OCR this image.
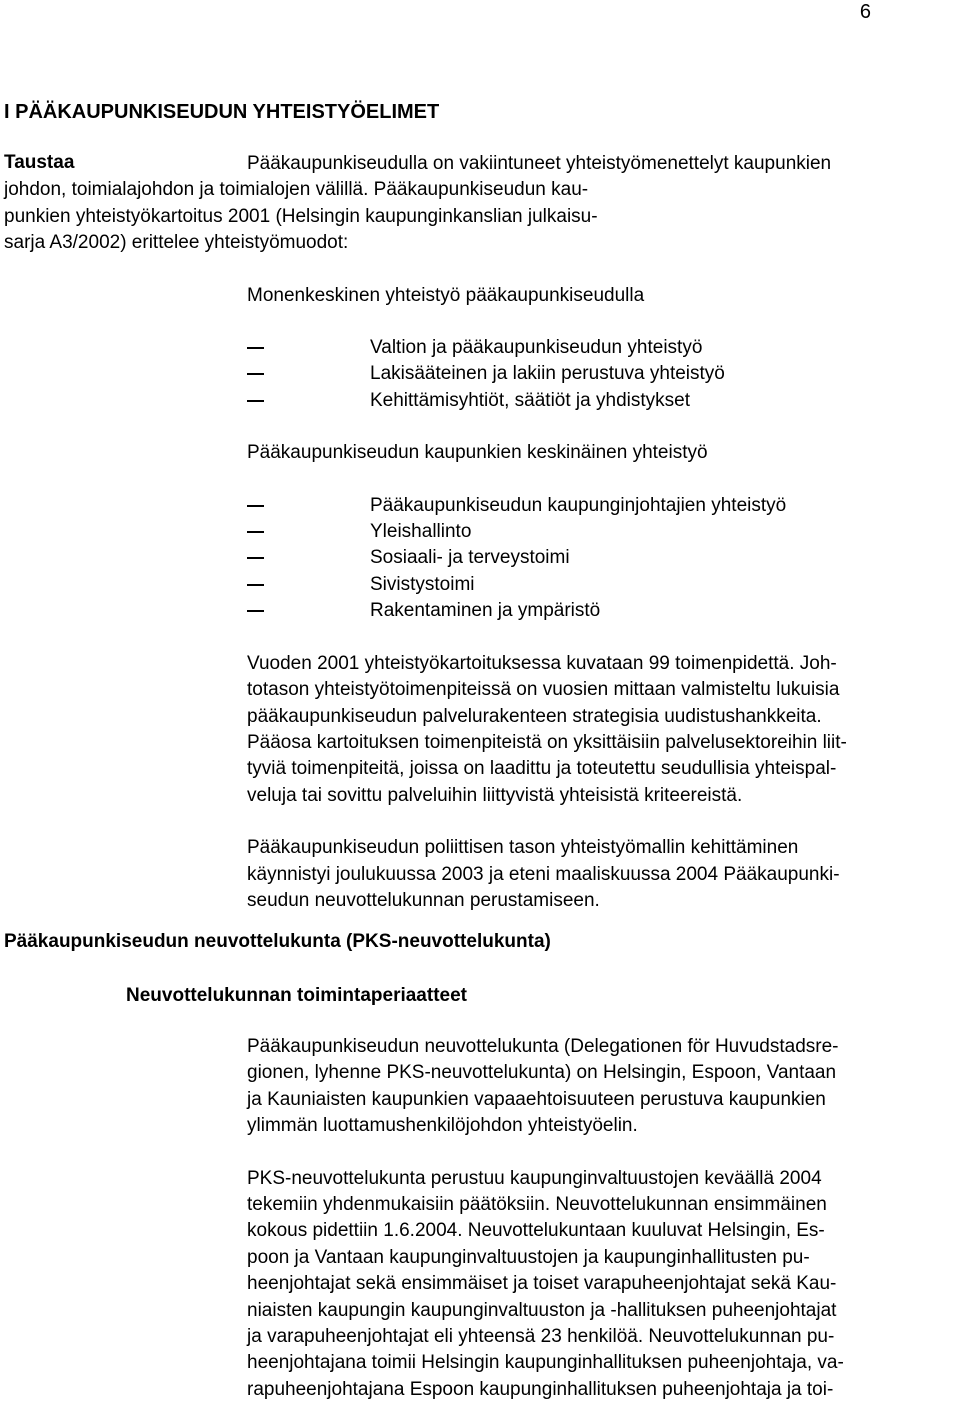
6
I PÄÄKAUPUNKISEUDUN YHTEISTYÖELIMET
Taustaa	Pääkaupunkiseudulla on vakiintuneet yhteistyömenettelyt kaupunkien
johdon, toimialajohdon ja toimialojen välillä. Pääkaupunkiseudun kau-
punkien yhteistyökartoitus 2001 (Helsingin kaupunginkanslian julkaisu-
sarja A3/2002) erittelee yhteistyömuodot:

Monenkeskinen yhteistyö pääkaupunkiseudulla

Valtion ja pääkaupunkiseudun yhteistyö
Lakisääteinen ja lakiin perustuva yhteistyö
Kehittämisyhtiöt, säätiöt ja yhdistykset

Pääkaupunkiseudun kaupunkien keskinäinen yhteistyö

Pääkaupunkiseudun kaupunginjohtajien yhteistyö
Yleishallinto
Sosiaali- ja terveystoimi
Sivistystoimi
Rakentaminen ja ympäristö

Vuoden 2001 yhteistyökartoituksessa kuvataan 99 toimenpidettä. Joh-
totason yhteistyötoimenpiteissä on vuosien mittaan valmisteltu lukuisia
pääkaupunkiseudun palvelurakenteen strategisia uudistushankkeita.
Pääosa kartoituksen toimenpiteistä on yksittäisiin palvelusektoreihin liit-
tyviä toimenpiteitä, joissa on laadittu ja toteutettu seudullisia yhteispal-
veluja tai sovittu palveluihin liittyvistä yhteisistä kriteereistä.

Pääkaupunkiseudun poliittisen tason yhteistyömallin kehittäminen
käynnistyi joulukuussa 2003 ja eteni maaliskuussa 2004 Pääkaupunki-
seudun neuvottelukunnan perustamiseen.

Pääkaupunkiseudun neuvottelukunta (PKS-neuvottelukunta)
Neuvottelukunnan toimintaperiaatteet

Pääkaupunkiseudun neuvottelukunta (Delegationen för Huvudstadsre-
gionen, lyhenne PKS-neuvottelukunta) on Helsingin, Espoon, Vantaan
ja Kauniaisten kaupunkien vapaaehtoisuuteen perustuva kaupunkien
ylimmän luottamushenkilöjohdon yhteistyöelin.

PKS-neuvottelukunta perustuu kaupunginvaltuustojen keväällä 2004
tekemiin yhdenmukaisiin päätöksiin. Neuvottelukunnan ensimmäinen
kokous pidettiin 1.6.2004. Neuvottelukuntaan kuuluvat Helsingin, Es-
poon ja Vantaan kaupunginvaltuustojen ja kaupunginhallitusten pu-
heenjohtajat sekä ensimmäiset ja toiset varapuheenjohtajat sekä Kau-
niaisten kaupungin kaupunginvaltuuston ja -hallituksen puheenjohtajat
ja varapuheenjohtajat eli yhteensä 23 henkilöä. Neuvottelukunnan pu-
heenjohtajana toimii Helsingin kaupunginhallituksen puheenjohtaja, va-
rapuheenjohtajana Espoon kaupunginhallituksen puheenjohtaja ja toi-
